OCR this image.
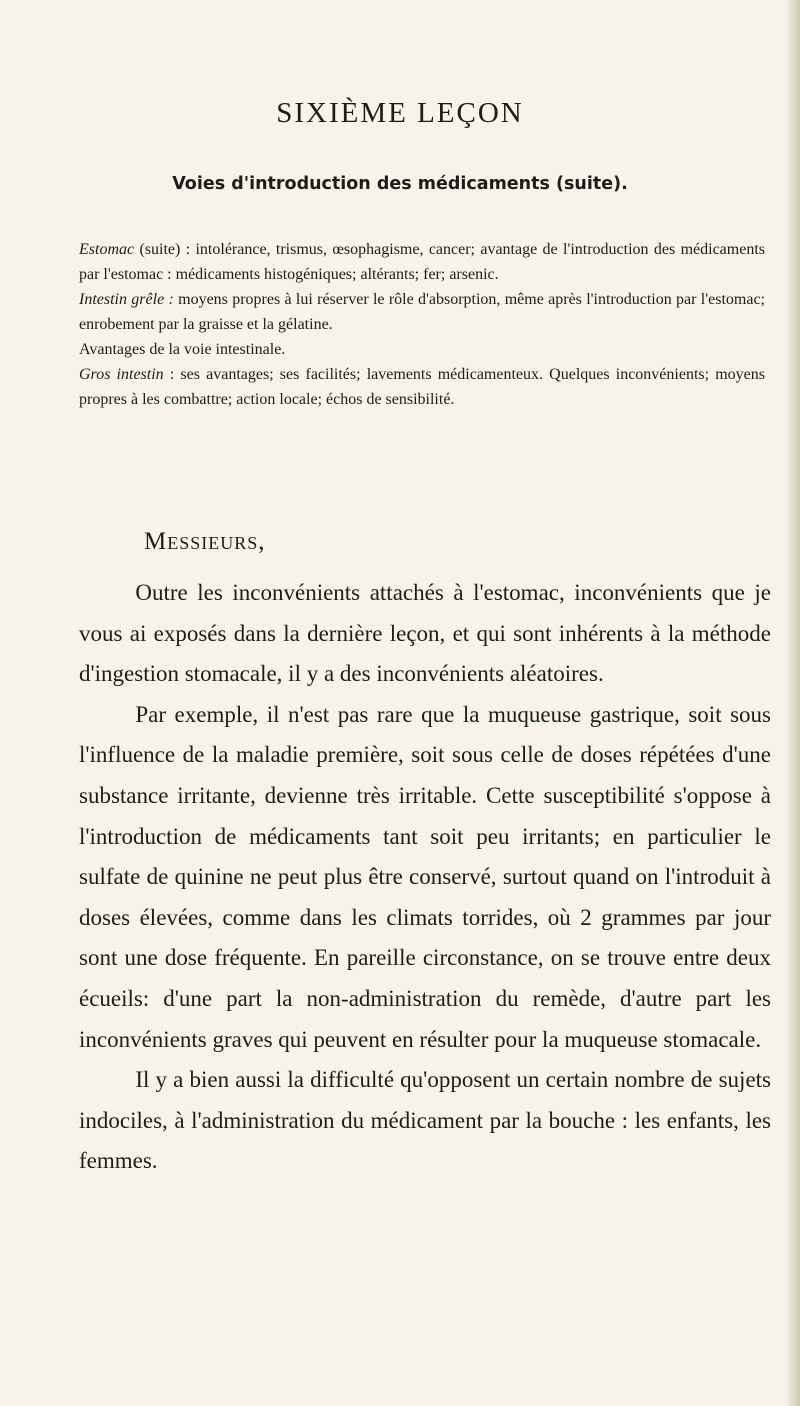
SIXIÈME LEÇON
Voies d'introduction des médicaments (suite).

Estomac (suite) : intolérance, trismus, œsophagisme, cancer; avantage de l'introduction des médicaments par l'estomac : médicaments histogéniques; altérants; fer; arsenic.

Intestin grêle : moyens propres à lui réserver le rôle d'absorption, même après l'introduction par l'estomac; enrobement par la graisse et la gélatine.

Avantages de la voie intestinale.

Gros intestin : ses avantages; ses facilités; lavements médicamenteux. Quelques inconvénients; moyens propres à les combattre; action locale; échos de sensibilité.

Messieurs,

Outre les inconvénients attachés à l'estomac, inconvénients que je vous ai exposés dans la dernière leçon, et qui sont inhérents à la méthode d'ingestion stomacale, il y a des inconvénients aléatoires.

Par exemple, il n'est pas rare que la muqueuse gastrique, soit sous l'influence de la maladie première, soit sous celle de doses répétées d'une substance irritante, devienne très irritable. Cette susceptibilité s'oppose à l'introduction de médicaments tant soit peu irritants; en particulier le sulfate de quinine ne peut plus être conservé, surtout quand on l'introduit à doses élevées, comme dans les climats torrides, où 2 grammes par jour sont une dose fréquente. En pareille circonstance, on se trouve entre deux écueils: d'une part la non-administration du remède, d'autre part les inconvénients graves qui peuvent en résulter pour la muqueuse stomacale.

Il y a bien aussi la difficulté qu'opposent un certain nombre de sujets indociles, à l'administration du médicament par la bouche : les enfants, les femmes.
